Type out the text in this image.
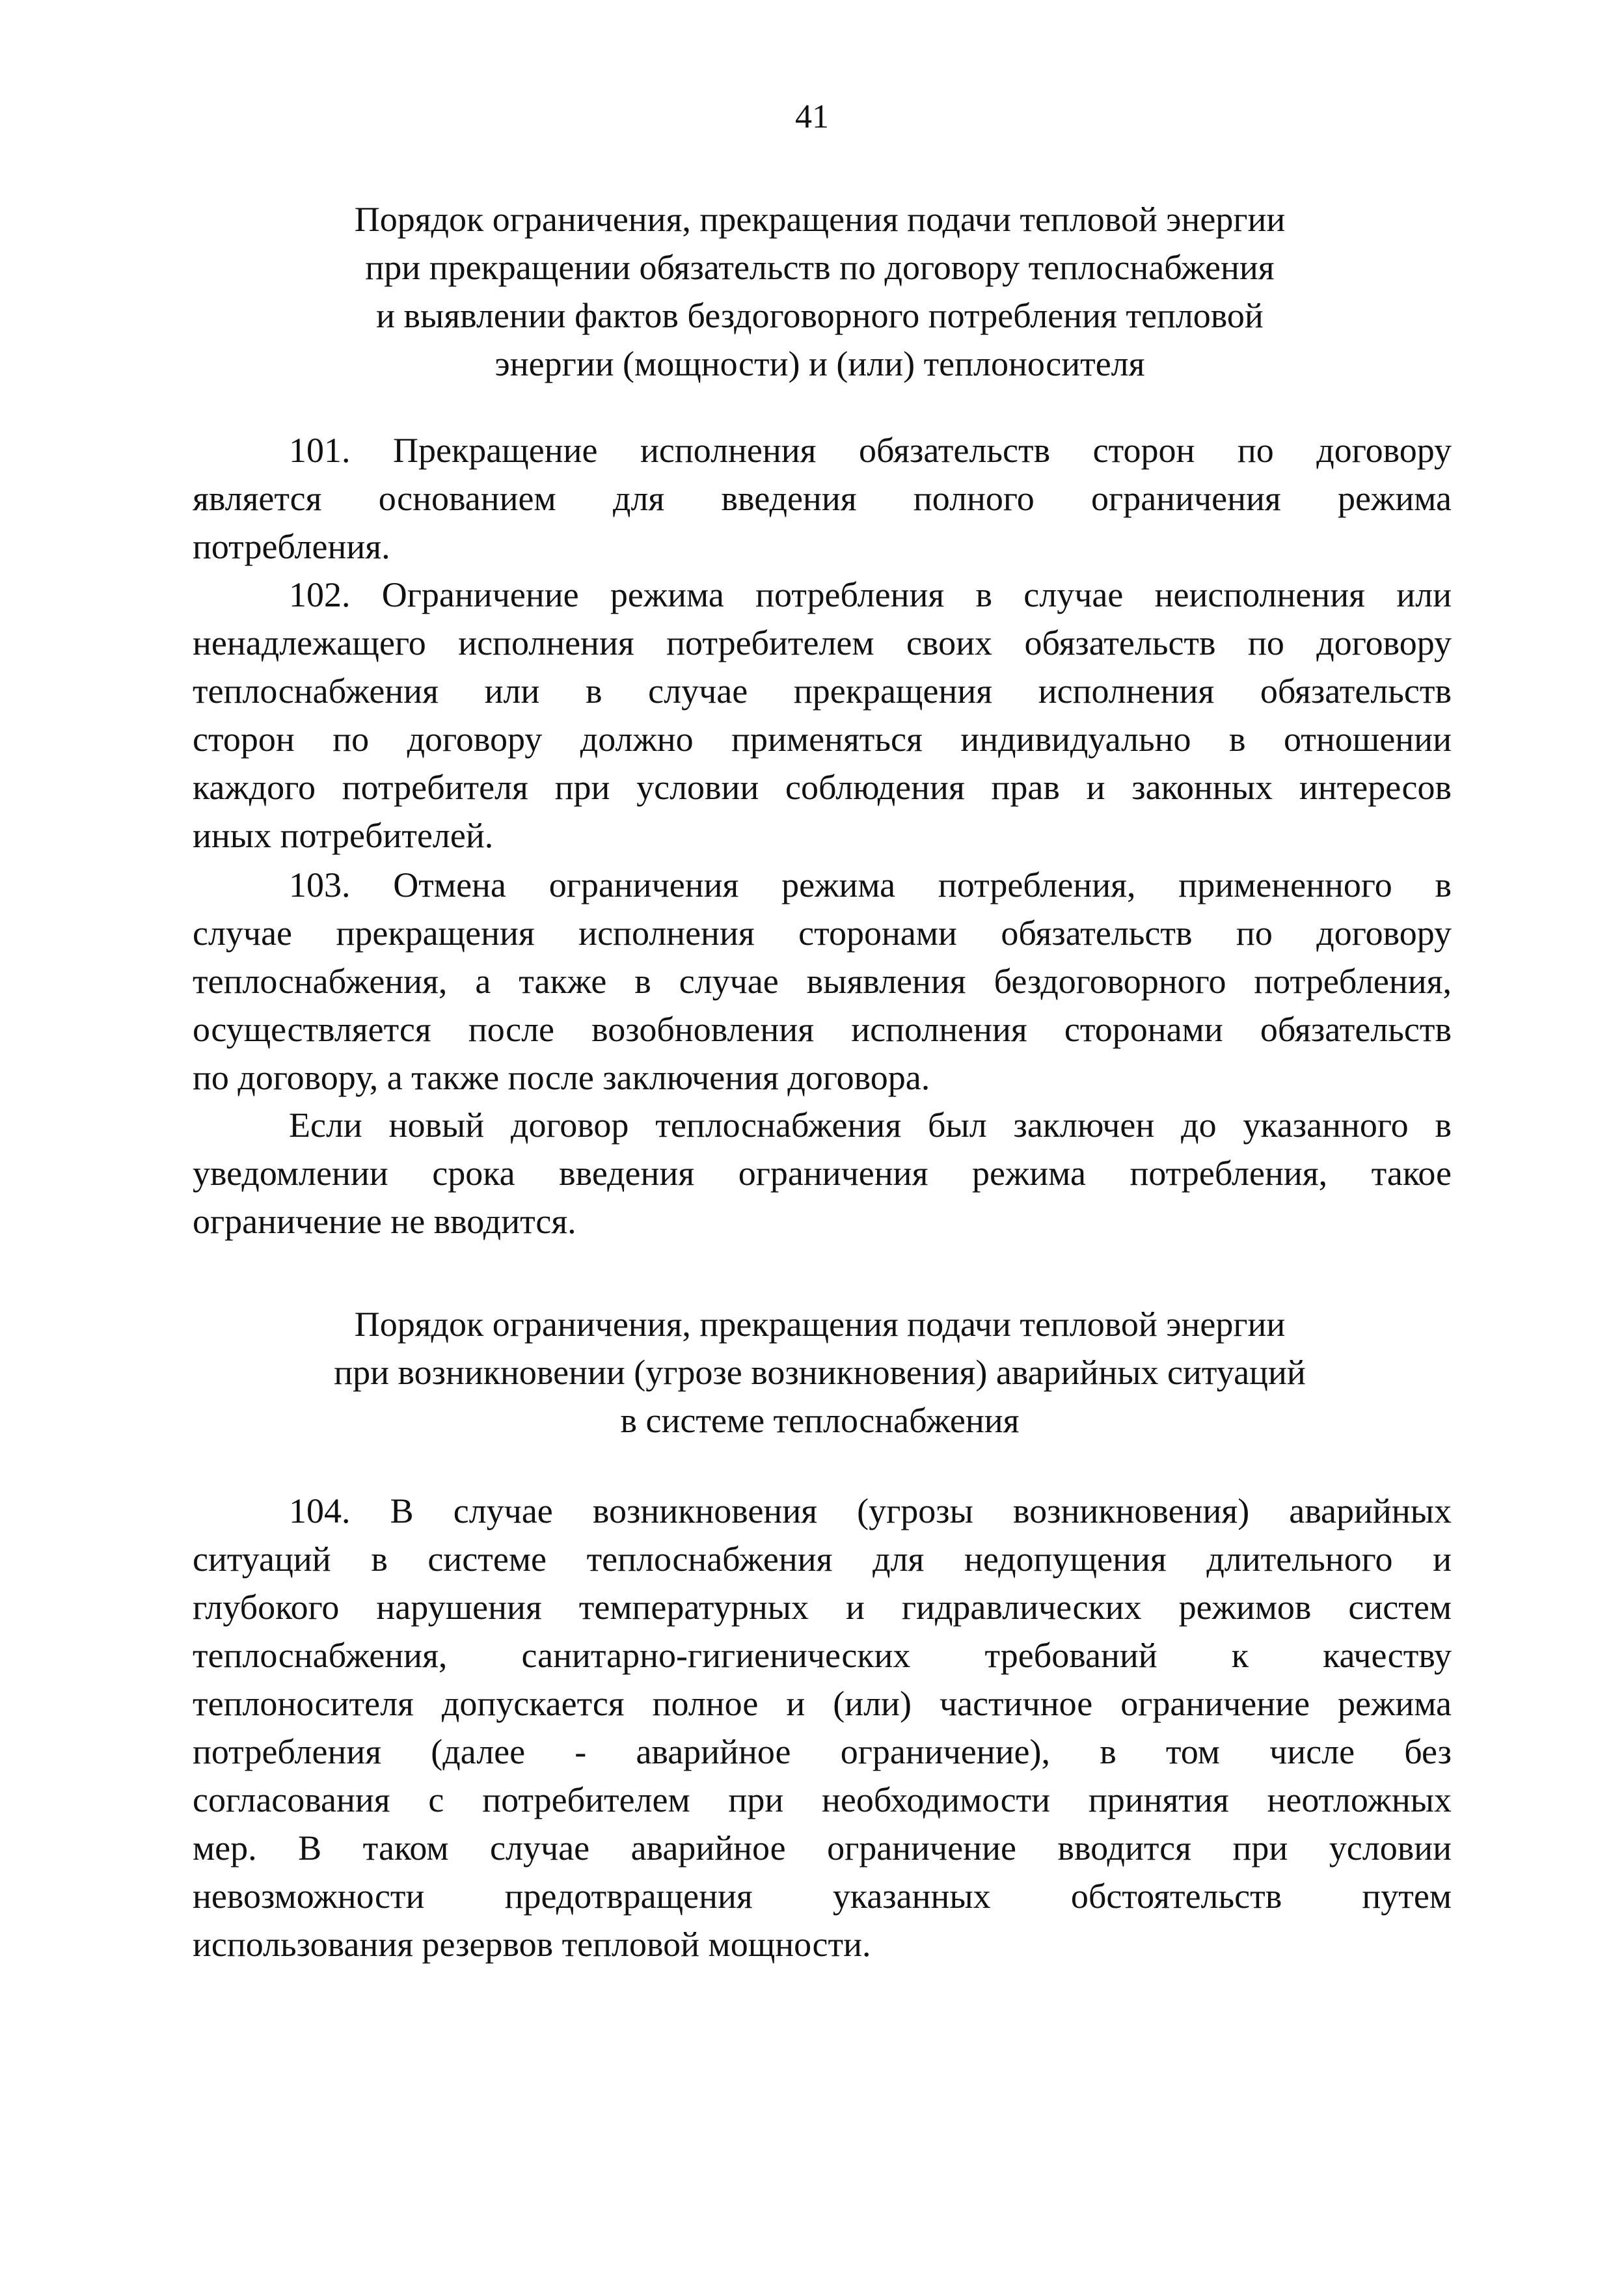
41
Порядок ограничения, прекращения подачи тепловой энергии
при прекращении обязательств по договору теплоснабжения
и выявлении фактов бездоговорного потребления тепловой
энергии (мощности) и (или) теплоносителя
101. Прекращение исполнения обязательств сторон по договору
является основанием для введения полного ограничения режима
потребления.
102. Ограничение режима потребления в случае неисполнения или
ненадлежащего исполнения потребителем своих обязательств по договору
теплоснабжения или в случае прекращения исполнения обязательств
сторон по договору должно применяться индивидуально в отношении
каждого потребителя при условии соблюдения прав и законных интересов
иных потребителей.
103. Отмена ограничения режима потребления, примененного в
случае прекращения исполнения сторонами обязательств по договору
теплоснабжения, а также в случае выявления бездоговорного потребления,
осуществляется после возобновления исполнения сторонами обязательств
по договору, а также после заключения договора.
Если новый договор теплоснабжения был заключен до указанного в
уведомлении срока введения ограничения режима потребления, такое
ограничение не вводится.
Порядок ограничения, прекращения подачи тепловой энергии
при возникновении (угрозе возникновения) аварийных ситуаций
в системе теплоснабжения
104. В случае возникновения (угрозы возникновения) аварийных
ситуаций в системе теплоснабжения для недопущения длительного и
глубокого нарушения температурных и гидравлических режимов систем
теплоснабжения, санитарно-гигиенических требований к качеству
теплоносителя допускается полное и (или) частичное ограничение режима
потребления (далее - аварийное ограничение), в том числе без
согласования с потребителем при необходимости принятия неотложных
мер. В таком случае аварийное ограничение вводится при условии
невозможности предотвращения указанных обстоятельств путем
использования резервов тепловой мощности.
